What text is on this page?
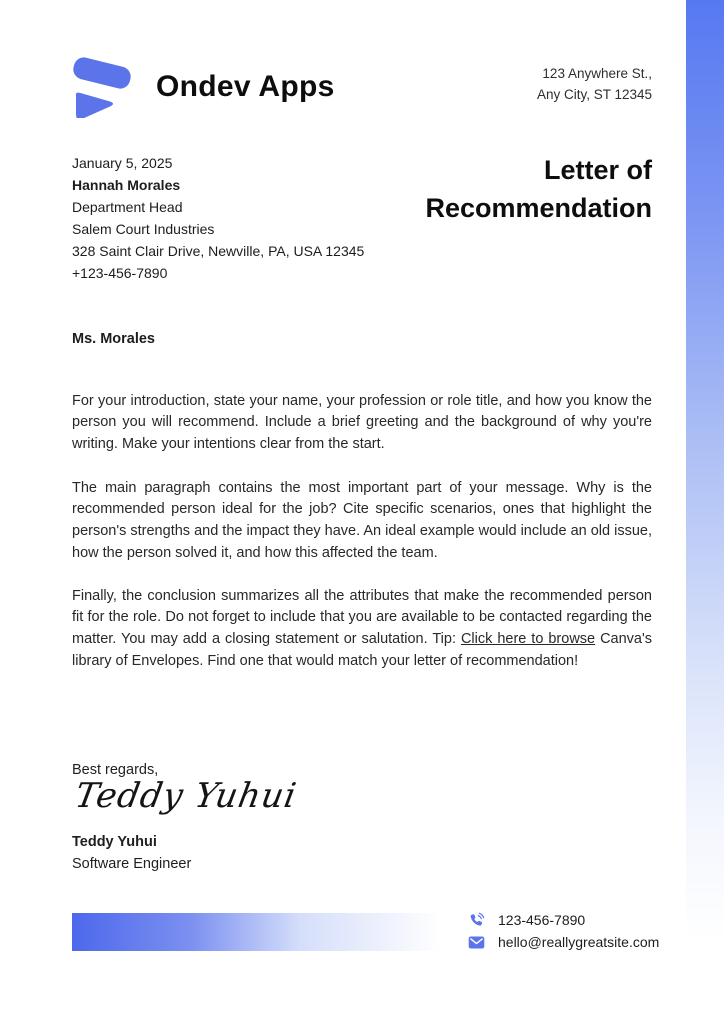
Ondev Apps	123 Anywhere St.,
Any City, ST 12345
January 5, 2025
Hannah Morales
Department Head
Salem Court Industries
328 Saint Clair Drive, Newville, PA, USA 12345
+123-456-7890
Letter of
Recommendation
Ms. Morales

For your introduction, state your name, your profession or role title, and how you know the person you will recommend. Include a brief greeting and the background of why you're writing. Make your intentions clear from the start.

The main paragraph contains the most important part of your message. Why is the recommended person ideal for the job? Cite specific scenarios, ones that highlight the person's strengths and the impact they have. An ideal example would include an old issue, how the person solved it, and how this affected the team.

Finally, the conclusion summarizes all the attributes that make the recommended person fit for the role. Do not forget to include that you are available to be contacted regarding the matter. You may add a closing statement or salutation. Tip: Click here to browse Canva's library of Envelopes. Find one that would match your letter of recommendation!

Best regards,
Teddy Yuhui
Teddy Yuhui
Software Engineer
123-456-7890
hello@reallygreatsite.com
